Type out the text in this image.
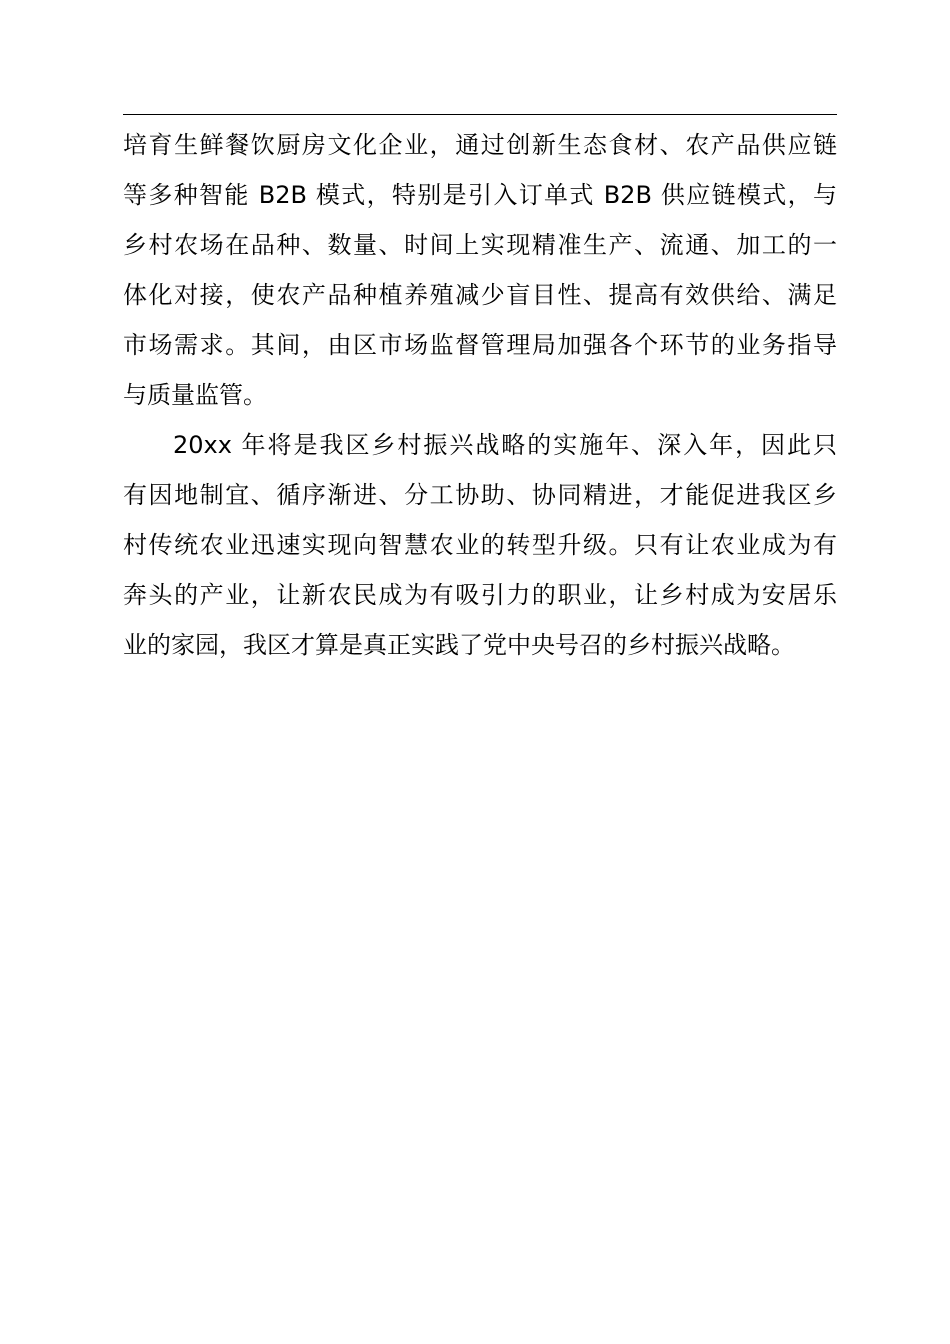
培育生鲜餐饮厨房文化企业，通过创新生态食材、农产品供应链
等多种智能 B2B 模式，特别是引入订单式 B2B 供应链模式，与
乡村农场在品种、数量、时间上实现精准生产、流通、加工的一
体化对接，使农产品种植养殖减少盲目性、提高有效供给、满足
市场需求。其间，由区市场监督管理局加强各个环节的业务指导
与质量监管。
20xx 年将是我区乡村振兴战略的实施年、深入年，因此只
有因地制宜、循序渐进、分工协助、协同精进，才能促进我区乡
村传统农业迅速实现向智慧农业的转型升级。只有让农业成为有
奔头的产业，让新农民成为有吸引力的职业，让乡村成为安居乐
业的家园，我区才算是真正实践了党中央号召的乡村振兴战略。
